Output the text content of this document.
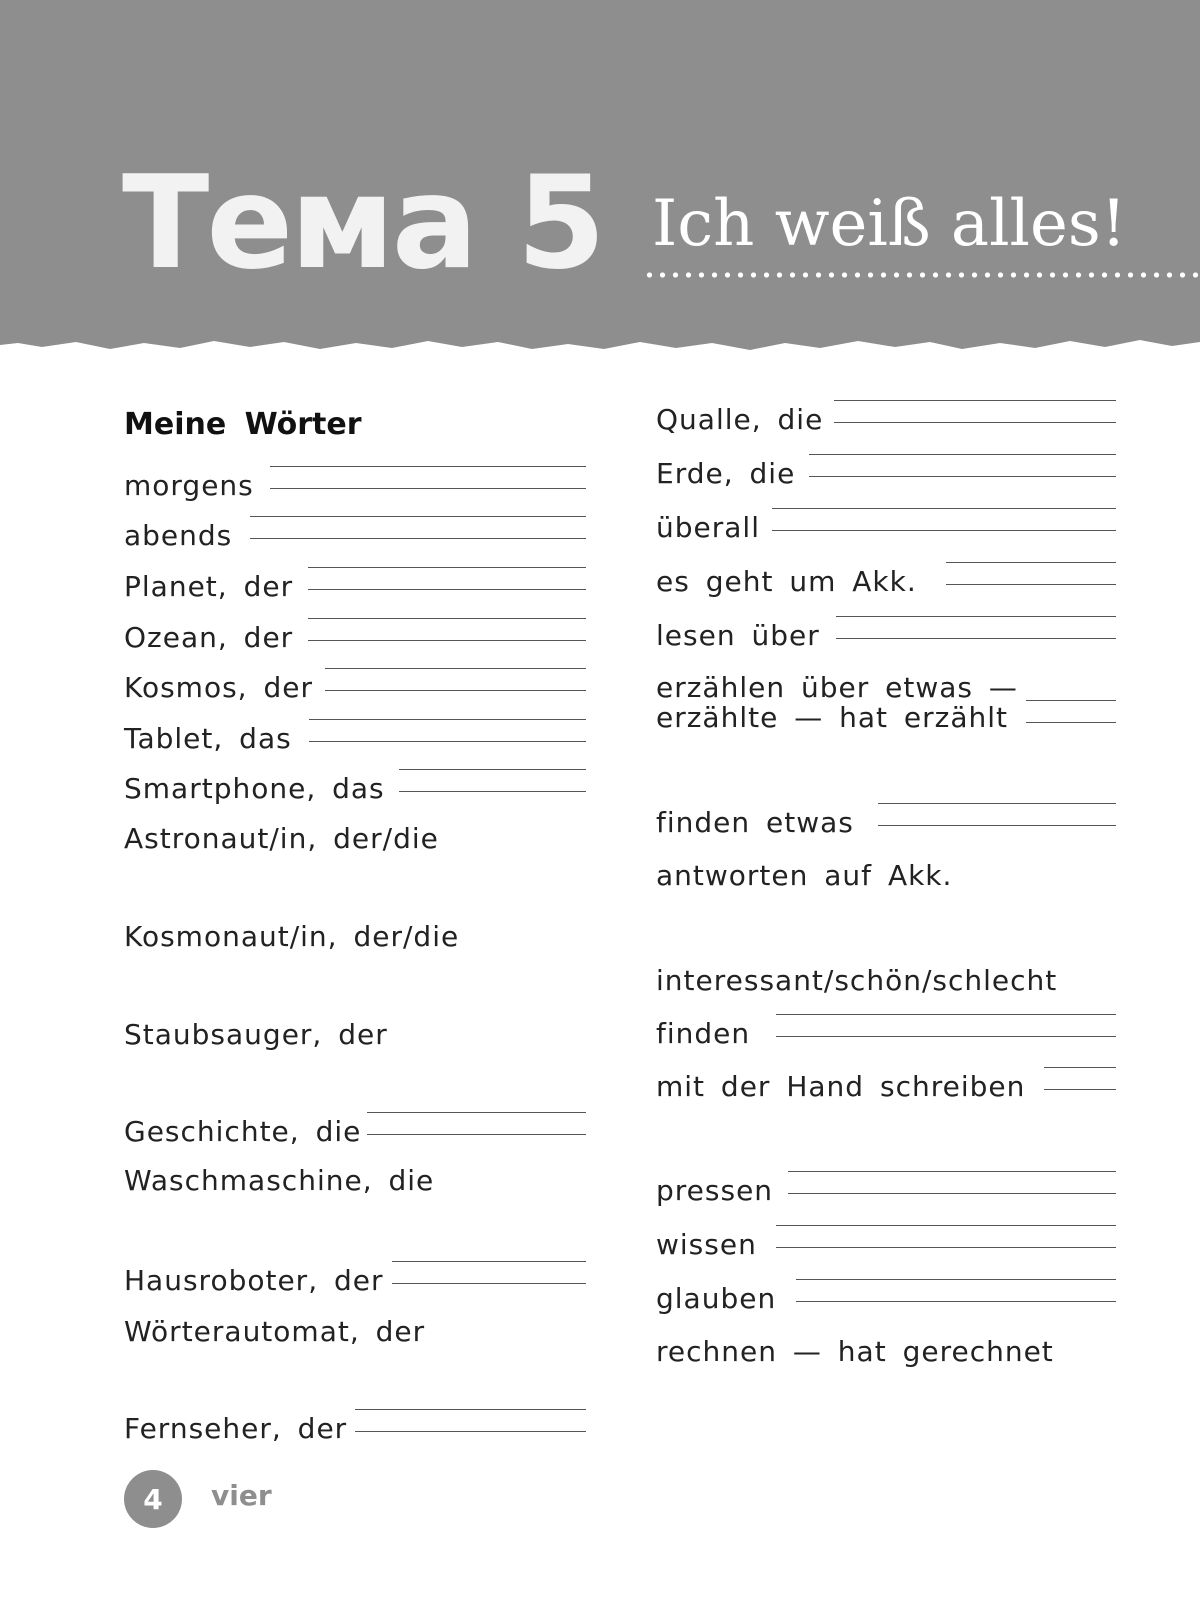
Тема 5 Ich weiß alles!
Meine Wörter
morgens
abends
Planet, der
Ozean, der
Kosmos, der
Tablet, das
Smartphone, das
Astronaut/in, der/die
Kosmonaut/in, der/die
Staubsauger, der
Geschichte, die
Waschmaschine, die
Hausroboter, der
Wörterautomat, der
Fernseher, der
Qualle, die
Erde, die
überall
es geht um Akk.
lesen über
erzählen über etwas —
erzählte — hat erzählt
finden etwas
antworten auf Akk.
interessant/schön/schlecht
finden
mit der Hand schreiben
pressen
wissen
glauben
rechnen — hat gerechnet
4 vier
